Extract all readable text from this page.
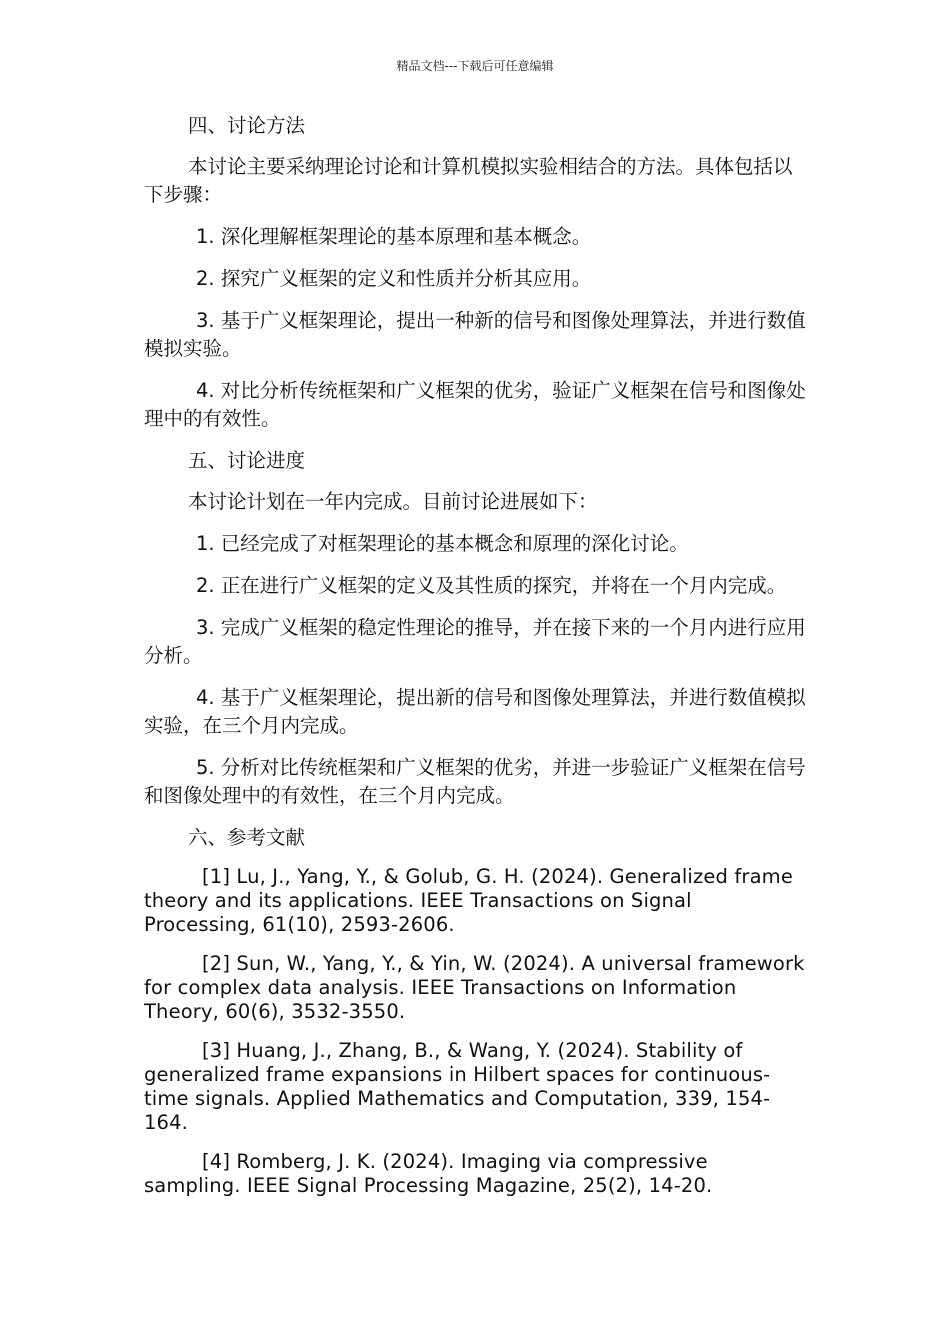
精品文档---下载后可任意编辑

四、讨论方法

本讨论主要采纳理论讨论和计算机模拟实验相结合的方法。具体包括以下步骤：

1. 深化理解框架理论的基本原理和基本概念。

2. 探究广义框架的定义和性质并分析其应用。

3. 基于广义框架理论，提出一种新的信号和图像处理算法，并进行数值模拟实验。

4. 对比分析传统框架和广义框架的优劣，验证广义框架在信号和图像处理中的有效性。

五、讨论进度

本讨论计划在一年内完成。目前讨论进展如下：

1. 已经完成了对框架理论的基本概念和原理的深化讨论。

2. 正在进行广义框架的定义及其性质的探究，并将在一个月内完成。

3. 完成广义框架的稳定性理论的推导，并在接下来的一个月内进行应用分析。

4. 基于广义框架理论，提出新的信号和图像处理算法，并进行数值模拟实验，在三个月内完成。

5. 分析对比传统框架和广义框架的优劣，并进一步验证广义框架在信号和图像处理中的有效性，在三个月内完成。

六、参考文献

[1] Lu, J., Yang, Y., & Golub, G. H. (2024). Generalized frame theory and its applications. IEEE Transactions on Signal Processing, 61(10), 2593-2606.

[2] Sun, W., Yang, Y., & Yin, W. (2024). A universal framework for complex data analysis. IEEE Transactions on Information Theory, 60(6), 3532-3550.

[3] Huang, J., Zhang, B., & Wang, Y. (2024). Stability of generalized frame expansions in Hilbert spaces for continuous-time signals. Applied Mathematics and Computation, 339, 154-164.

[4] Romberg, J. K. (2024). Imaging via compressive sampling. IEEE Signal Processing Magazine, 25(2), 14-20.
